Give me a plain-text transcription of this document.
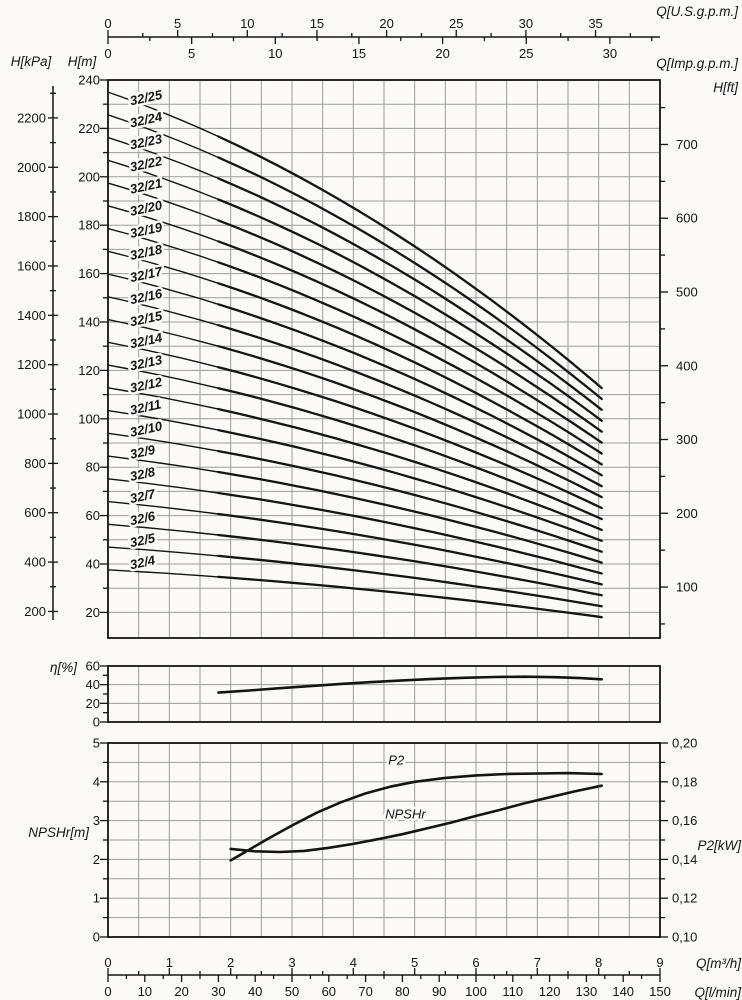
32/25
32/24
32/23
32/22
32/21
32/20
32/19
32/18
32/17
32/16
32/15
32/14
32/13
32/12
32/11
32/10
32/9
32/8
32/7
32/6
32/5
32/4
P2
NPSHr
0	5	10	15	20	25	30	35
0	5	10	15	20	25	30
200
400
600
800
1000
1200
1400
1600
1800
2000
2200
20
40
60
80
100
120
140
160
180
200
220
240
100
200
300
400
500
600
700
0
20
40
60
0
1
2
3
4
5
0,10
0,12
0,14
0,16
0,18
0,20
0	1	2	3	4	5	6	7	8	9
0 10 20 30 40 50 60 70 80 90 100 110 120 130 140 150
Q[U.S.g.p.m.]
Q[Imp.g.p.m.]
H[ft]
H[kPa] H[m]
η[%]
NPSHr[m]
P2[kW]
Q[m³/h]
Q[l/min]
